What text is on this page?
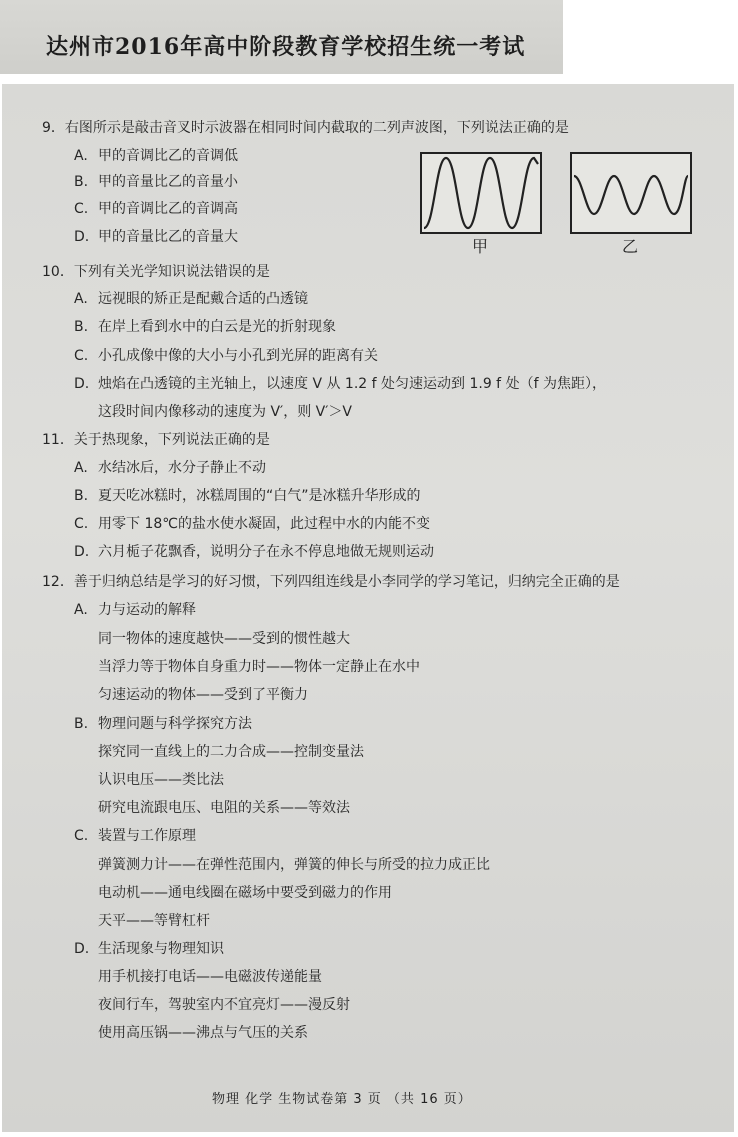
达州市2016年高中阶段教育学校招生统一考试
9．右图所示是敲击音叉时示波器在相同时间内截取的二列声波图，下列说法正确的是
A. 甲的音调比乙的音调低
B. 甲的音量比乙的音量小
C. 甲的音调比乙的音调高
D. 甲的音量比乙的音量大	甲	乙
10．下列有关光学知识说法错误的是
A. 远视眼的矫正是配戴合适的凸透镜
B. 在岸上看到水中的白云是光的折射现象
C. 小孔成像中像的大小与小孔到光屏的距离有关
D. 烛焰在凸透镜的主光轴上，以速度 V 从 1.2 f 处匀速运动到 1.9 f 处（f 为焦距），
这段时间内像移动的速度为 V′，则 V′＞V
11．关于热现象，下列说法正确的是
A. 水结冰后，水分子静止不动
B. 夏天吃冰糕时，冰糕周围的“白气”是冰糕升华形成的
C. 用零下 18℃的盐水使水凝固，此过程中水的内能不变
D. 六月栀子花飘香，说明分子在永不停息地做无规则运动
12．善于归纳总结是学习的好习惯，下列四组连线是小李同学的学习笔记，归纳完全正确的是
A. 力与运动的解释
同一物体的速度越快——受到的惯性越大
当浮力等于物体自身重力时——物体一定静止在水中
匀速运动的物体——受到了平衡力
B. 物理问题与科学探究方法
探究同一直线上的二力合成——控制变量法
认识电压——类比法
研究电流跟电压、电阻的关系——等效法
C. 装置与工作原理
弹簧测力计——在弹性范围内，弹簧的伸长与所受的拉力成正比
电动机——通电线圈在磁场中要受到磁力的作用
天平——等臂杠杆
D. 生活现象与物理知识
用手机接打电话——电磁波传递能量
夜间行车，驾驶室内不宜亮灯——漫反射
使用高压锅——沸点与气压的关系
物理 化学 生物试卷第 3 页 （共 16 页）
